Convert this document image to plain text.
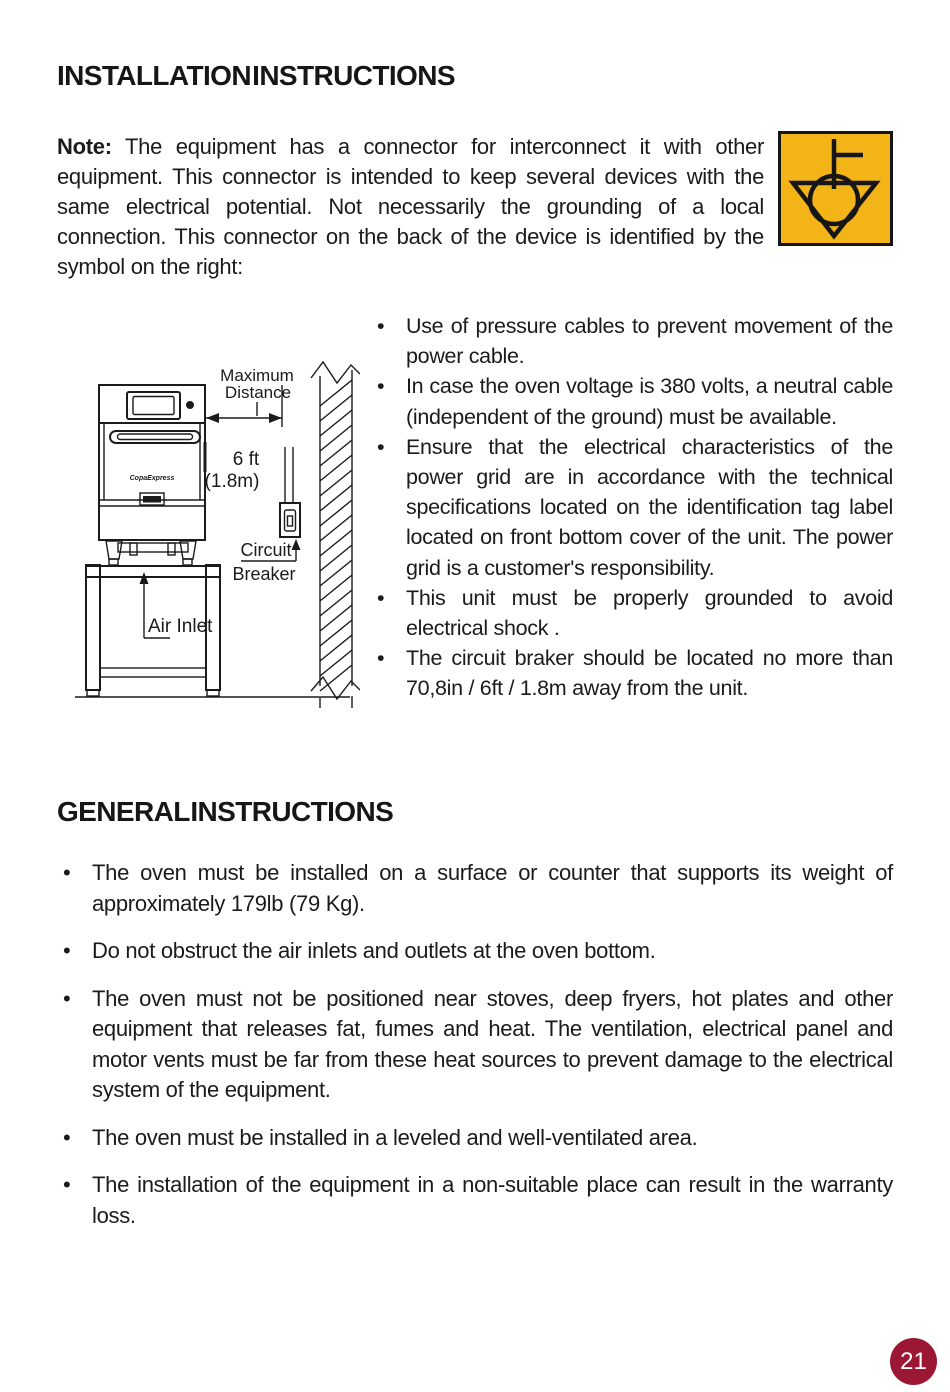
INSTALLATION INSTRUCTIONS

Note: The equipment has a connector for interconnect it with other equipment. This connector is intended to keep several devices with the same electrical potential. Not necessarily the grounding of a local connection. This connector on the back of the device is identified by the symbol on the right:

CopaExpress
Maximum
Distance
6 ft
(1.8m)
Circuit
Breaker
Air Inlet
• Use of pressure cables to prevent movement of the power cable.
• In case the oven voltage is 380 volts, a neutral cable (independent of the ground) must be available.
• Ensure that the electrical characteristics of the power grid are in accordance with the technical specifications located on the identification tag label located on front bottom cover of the unit. The power grid is a customer's responsibility.
• This unit must be properly grounded to avoid electrical shock .
• The circuit braker should be located no more than 70,8in / 6ft / 1.8m away from the unit.
GENERAL INSTRUCTIONS
• The oven must be installed on a surface or counter that supports its weight of approximately 179lb (79 Kg).
• Do not obstruct the air inlets and outlets at the oven bottom.
• The oven must not be positioned near stoves, deep fryers, hot plates and other equipment that releases fat, fumes and heat. The ventilation, electrical panel and motor vents must be far from these heat sources to prevent damage to the electrical system of the equipment.
• The oven must be installed in a leveled and well-ventilated area.
• The installation of the equipment in a non-suitable place can result in the warranty loss.
21
